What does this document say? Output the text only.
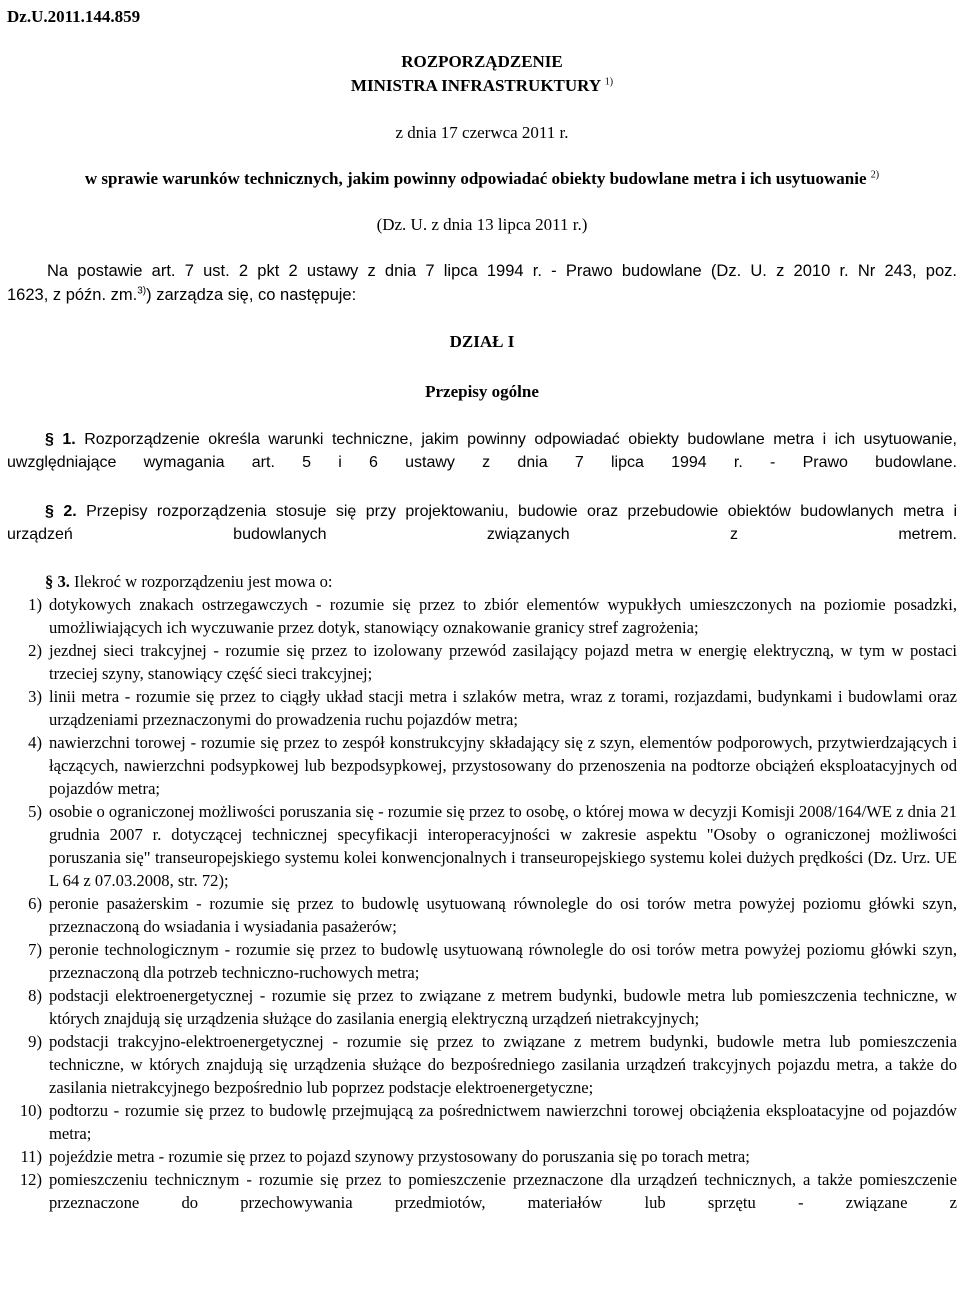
Dz.U.2011.144.859
ROZPORZĄDZENIE
MINISTRA INFRASTRUKTURY $^{1)}$
z dnia 17 czerwca 2011 r.
w sprawie warunków technicznych, jakim powinny odpowiadać obiekty budowlane metra i ich usytuowanie $^{2)}$
(Dz. U. z dnia 13 lipca 2011 r.)
Na postawie art. 7 ust. 2 pkt 2 ustawy z dnia 7 lipca 1994 r. - Prawo budowlane (Dz. U. z 2010 r. Nr 243, poz.
1623, z późn. zm.$^{3)}$) zarządza się, co następuje:
DZIAŁ I
Przepisy ogólne
§ 1. Rozporządzenie określa warunki techniczne, jakim powinny odpowiadać obiekty budowlane metra i ich usytuowanie, uwzględniające wymagania art. 5 i 6 ustawy z dnia 7 lipca 1994 r. - Prawo budowlane.
§ 2. Przepisy rozporządzenia stosuje się przy projektowaniu, budowie oraz przebudowie obiektów budowlanych metra i urządzeń budowlanych związanych z metrem.
§ 3. Ilekroć w rozporządzeniu jest mowa o:
1) dotykowych znakach ostrzegawczych - rozumie się przez to zbiór elementów wypukłych umieszczonych na poziomie posadzki, umożliwiających ich wyczuwanie przez dotyk, stanowiący oznakowanie granicy stref zagrożenia;
2) jezdnej sieci trakcyjnej - rozumie się przez to izolowany przewód zasilający pojazd metra w energię elektryczną, w tym w postaci trzeciej szyny, stanowiący część sieci trakcyjnej;
3) linii metra - rozumie się przez to ciągły układ stacji metra i szlaków metra, wraz z torami, rozjazdami, budynkami i budowlami oraz urządzeniami przeznaczonymi do prowadzenia ruchu pojazdów metra;
4) nawierzchni torowej - rozumie się przez to zespół konstrukcyjny składający się z szyn, elementów podporowych, przytwierdzających i łączących, nawierzchni podsypkowej lub bezpodsypkowej, przystosowany do przenoszenia na podtorze obciążeń eksploatacyjnych od pojazdów metra;
5) osobie o ograniczonej możliwości poruszania się - rozumie się przez to osobę, o której mowa w decyzji Komisji 2008/164/WE z dnia 21 grudnia 2007 r. dotyczącej technicznej specyfikacji interoperacyjności w zakresie aspektu "Osoby o ograniczonej możliwości poruszania się" transeuropejskiego systemu kolei konwencjonalnych i transeuropejskiego systemu kolei dużych prędkości (Dz. Urz. UE L 64 z 07.03.2008, str. 72);
6) peronie pasażerskim - rozumie się przez to budowlę usytuowaną równolegle do osi torów metra powyżej poziomu główki szyn, przeznaczoną do wsiadania i wysiadania pasażerów;
7) peronie technologicznym - rozumie się przez to budowlę usytuowaną równolegle do osi torów metra powyżej poziomu główki szyn, przeznaczoną dla potrzeb techniczno-ruchowych metra;
8) podstacji elektroenergetycznej - rozumie się przez to związane z metrem budynki, budowle metra lub pomieszczenia techniczne, w których znajdują się urządzenia służące do zasilania energią elektryczną urządzeń nietrakcyjnych;
9) podstacji trakcyjno-elektroenergetycznej - rozumie się przez to związane z metrem budynki, budowle metra lub pomieszczenia techniczne, w których znajdują się urządzenia służące do bezpośredniego zasilania urządzeń trakcyjnych pojazdu metra, a także do zasilania nietrakcyjnego bezpośrednio lub poprzez podstacje elektroenergetyczne;
10) podtorzu - rozumie się przez to budowlę przejmującą za pośrednictwem nawierzchni torowej obciążenia eksploatacyjne od pojazdów metra;
11) pojeździe metra - rozumie się przez to pojazd szynowy przystosowany do poruszania się po torach metra;
12) pomieszczeniu technicznym - rozumie się przez to pomieszczenie przeznaczone dla urządzeń technicznych, a także pomieszczenie przeznaczone do przechowywania przedmiotów, materiałów lub sprzętu - związane z
